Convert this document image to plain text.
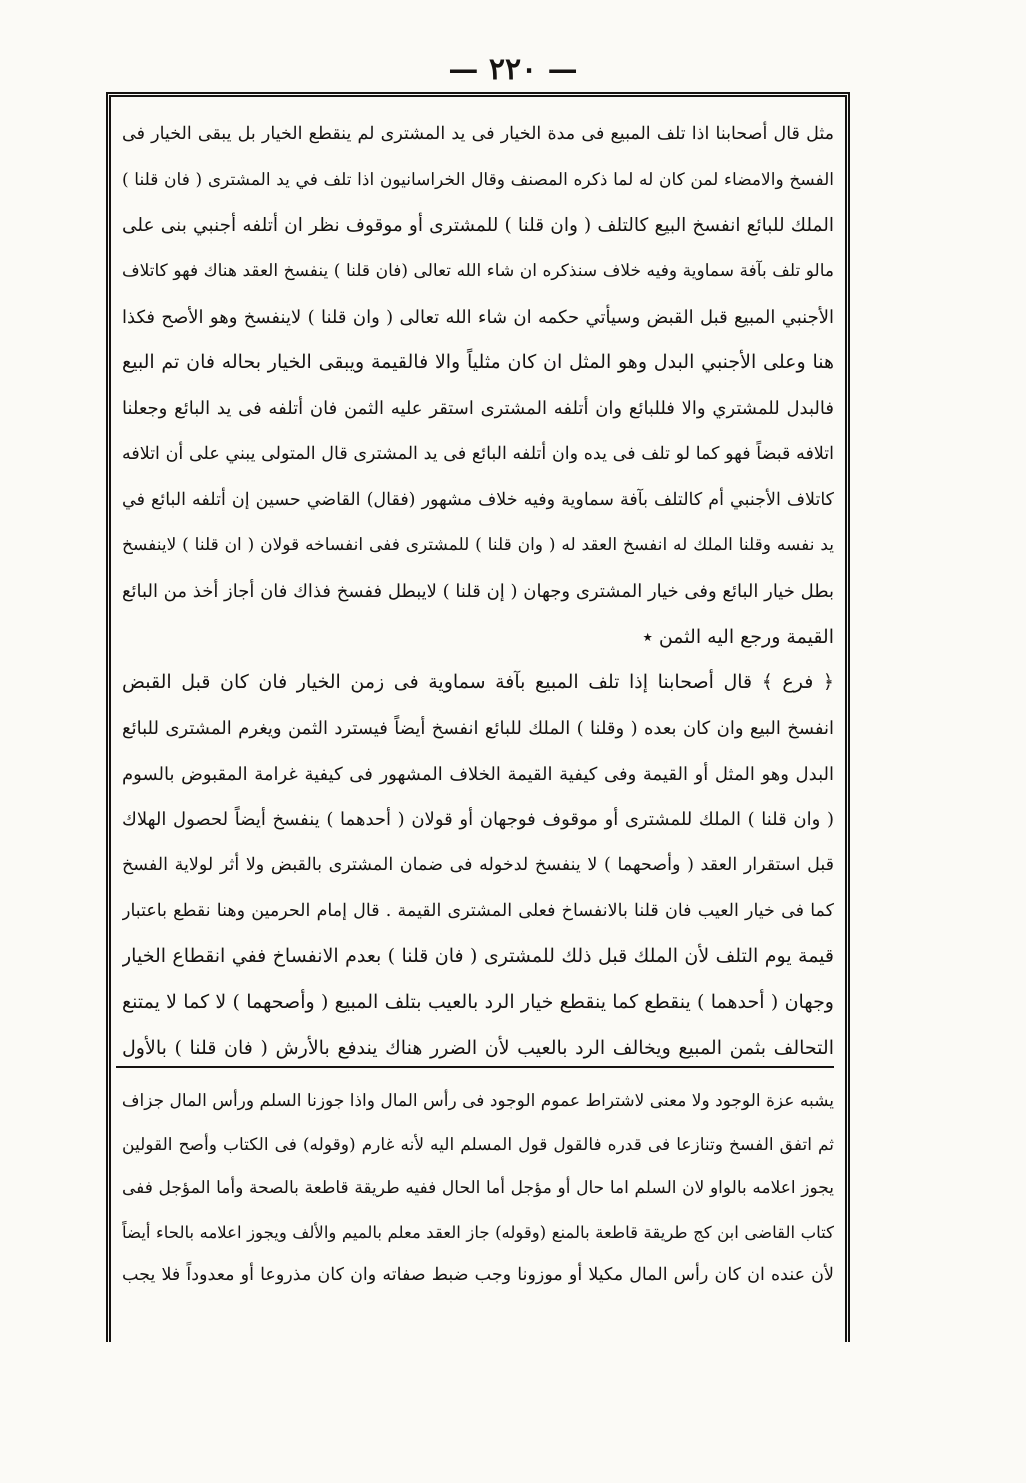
— ٢٢٠ —
مثل قال أصحابنا اذا تلف المبيع فى مدة الخيار فى يد المشترى لم ينقطع الخيار بل يبقى الخيار فى
الفسخ والامضاء لمن كان له لما ذكره المصنف وقال الخراسانيون اذا تلف في يد المشترى ( فان قلنا )
الملك للبائع انفسخ البيع كالتلف ( وان قلنا ) للمشترى أو موقوف نظر ان أتلفه أجنبي بنى على
مالو تلف بآفة سماوية وفيه خلاف سنذكره ان شاء الله تعالى (فان قلنا ) ينفسخ العقد هناك فهو كاتلاف
الأجنبي المبيع قبل القبض وسيأتي حكمه ان شاء الله تعالى ( وان قلنا ) لاينفسخ وهو الأصح فكذا
هنا وعلى الأجنبي البدل وهو المثل ان كان مثلياً والا فالقيمة ويبقى الخيار بحاله فان تم البيع
فالبدل للمشتري والا فللبائع وان أتلفه المشترى استقر عليه الثمن فان أتلفه فى يد البائع وجعلنا
اتلافه قبضاً فهو كما لو تلف فى يده وان أتلفه البائع فى يد المشترى قال المتولى يبني على أن اتلافه
كاتلاف الأجنبي أم كالتلف بآفة سماوية وفيه خلاف مشهور (فقال) القاضي حسين إن أتلفه البائع في
يد نفسه وقلنا الملك له انفسخ العقد له ( وان قلنا ) للمشترى ففى انفساخه قولان ( ان قلنا ) لاينفسخ
بطل خيار البائع وفى خيار المشترى وجهان ( إن قلنا ) لايبطل ففسخ فذاك فان أجاز أخذ من البائع
القيمة ورجع اليه الثمن ٭
﴿ فرع ﴾ قال أصحابنا إذا تلف المبيع بآفة سماوية فى زمن الخيار فان كان قبل القبض
انفسخ البيع وان كان بعده ( وقلنا ) الملك للبائع انفسخ أيضاً فيسترد الثمن ويغرم المشترى للبائع
البدل وهو المثل أو القيمة وفى كيفية القيمة الخلاف المشهور فى كيفية غرامة المقبوض بالسوم
( وان قلنا ) الملك للمشترى أو موقوف فوجهان أو قولان ( أحدهما ) ينفسخ أيضاً لحصول الهلاك
قبل استقرار العقد ( وأصحهما ) لا ينفسخ لدخوله فى ضمان المشترى بالقبض ولا أثر لولاية الفسخ
كما فى خيار العيب فان قلنا بالانفساخ فعلى المشترى القيمة . قال إمام الحرمين وهنا نقطع باعتبار
قيمة يوم التلف لأن الملك قبل ذلك للمشترى ( فان قلنا ) بعدم الانفساخ ففي انقطاع الخيار
وجهان ( أحدهما ) ينقطع كما ينقطع خيار الرد بالعيب بتلف المبيع ( وأصحهما ) لا كما لا يمتنع
التحالف بثمن المبيع ويخالف الرد بالعيب لأن الضرر هناك يندفع بالأرش ( فان قلنا ) بالأول
يشبه عزة الوجود ولا معنى لاشتراط عموم الوجود فى رأس المال واذا جوزنا السلم ورأس المال جزاف
ثم اتفق الفسخ وتنازعا فى قدره فالقول قول المسلم اليه لأنه غارم (وقوله) فى الكتاب وأصح القولين
يجوز اعلامه بالواو لان السلم اما حال أو مؤجل أما الحال ففيه طريقة قاطعة بالصحة وأما المؤجل ففى
كتاب القاضى ابن كج طريقة قاطعة بالمنع (وقوله) جاز العقد معلم بالميم والألف ويجوز اعلامه بالحاء أيضاً
لأن عنده ان كان رأس المال مكيلا أو موزونا وجب ضبط صفاته وان كان مذروعا أو معدوداً فلا يجب
